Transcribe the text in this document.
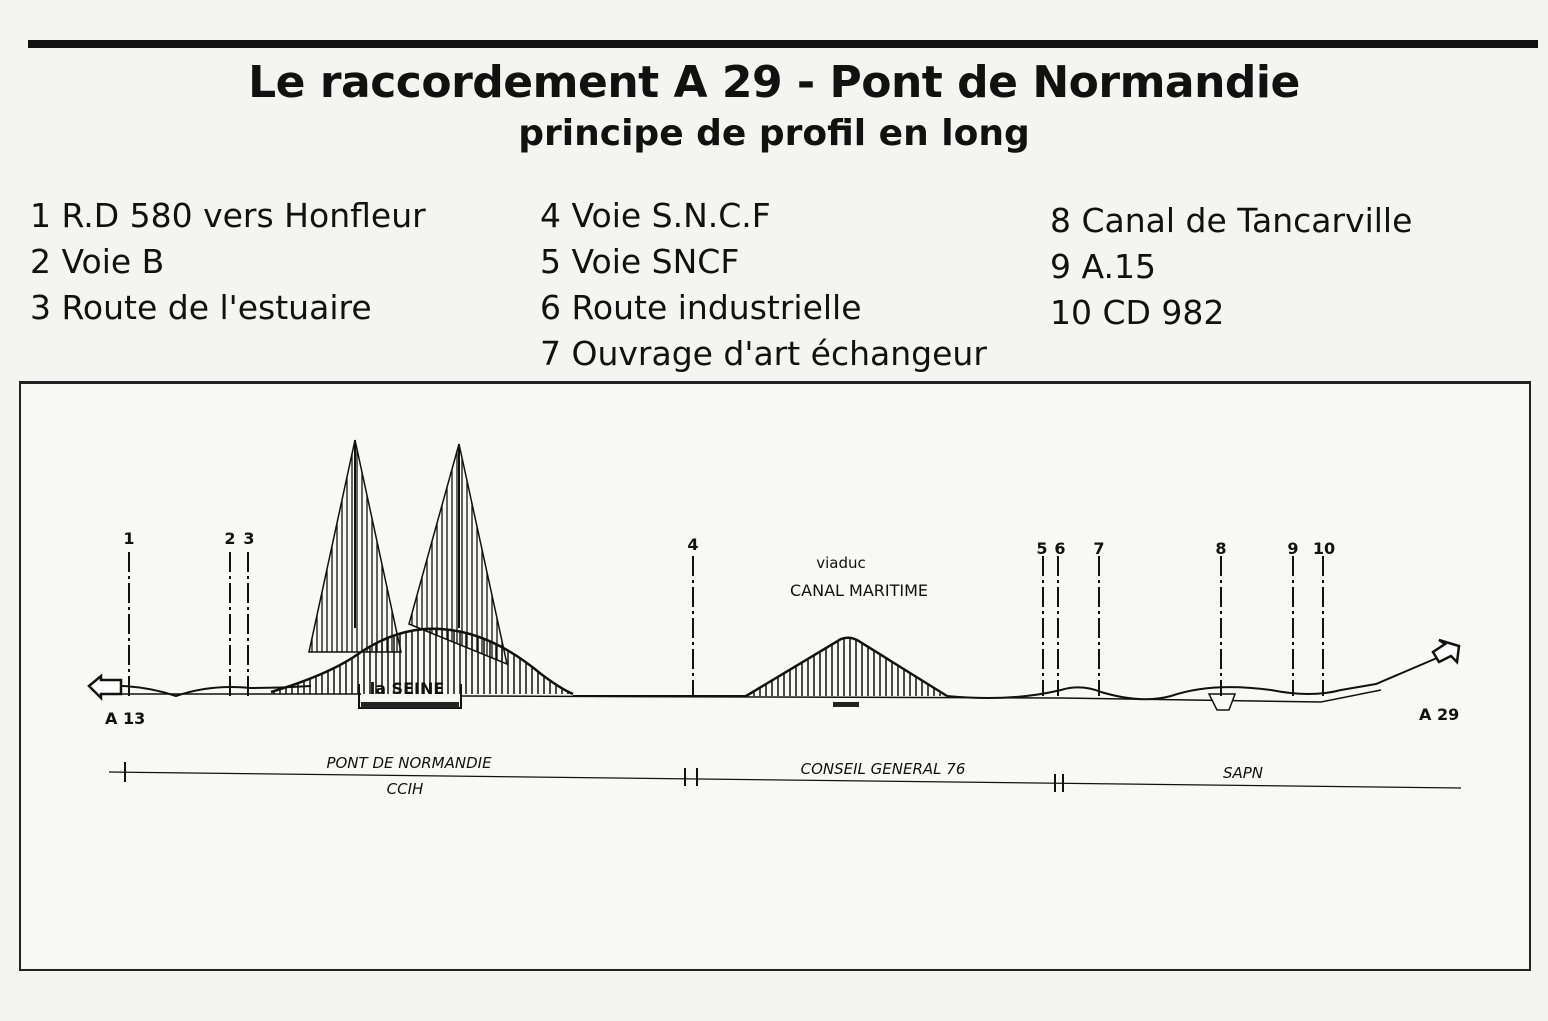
Le raccordement A 29 - Pont de Normandie
principe de profil en long
1 R.D 580 vers Honfleur
2 Voie B
3 Route de l'estuaire
4 Voie S.N.C.F
5 Voie SNCF
6 Route industrielle
7 Ouvrage d'art échangeur
8 Canal de Tancarville
9 A.15
10 CD 982
1	2 3	4	5 6 7	8	9 10
A 13	A 29
la SEINE
viaduc
CANAL MARITIME
PONT DE NORMANDIE
CCIH
CONSEIL GENERAL 76	SAPN
